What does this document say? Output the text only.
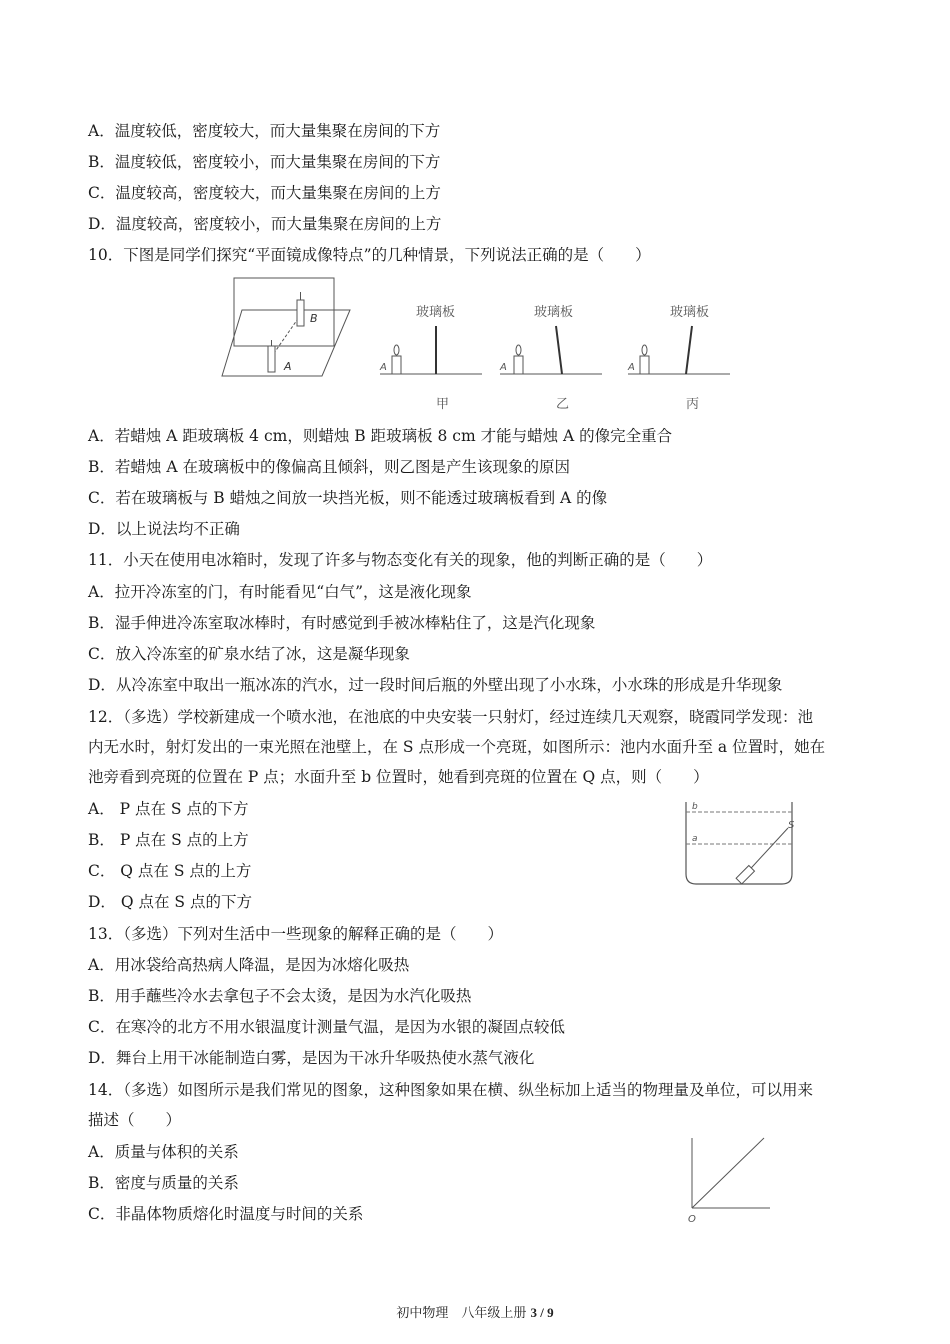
A．温度较低，密度较大，而大量集聚在房间的下方
B．温度较低，密度较小，而大量集聚在房间的下方
C．温度较高，密度较大，而大量集聚在房间的上方
D．温度较高，密度较小，而大量集聚在房间的上方
10．下图是同学们探究“平面镜成像特点”的几种情景，下列说法正确的是（　　）
B
A
玻璃板
A
甲
玻璃板
A
乙
玻璃板
A
丙
A．若蜡烛 A 距玻璃板 4 cm，则蜡烛 B 距玻璃板 8 cm 才能与蜡烛 A 的像完全重合
B．若蜡烛 A 在玻璃板中的像偏高且倾斜，则乙图是产生该现象的原因
C．若在玻璃板与 B 蜡烛之间放一块挡光板，则不能透过玻璃板看到 A 的像
D．以上说法均不正确
11．小天在使用电冰箱时，发现了许多与物态变化有关的现象，他的判断正确的是（　　）
A．拉开冷冻室的门，有时能看见“白气”，这是液化现象
B．湿手伸进冷冻室取冰棒时，有时感觉到手被冰棒粘住了，这是汽化现象
C．放入冷冻室的矿泉水结了冰，这是凝华现象
D．从冷冻室中取出一瓶冰冻的汽水，过一段时间后瓶的外壁出现了小水珠，小水珠的形成是升华现象
12．（多选）学校新建成一个喷水池，在池底的中央安装一只射灯，经过连续几天观察，晓霞同学发现：池
内无水时，射灯发出的一束光照在池壁上，在 S 点形成一个亮斑，如图所示：池内水面升至 a 位置时，她在
池旁看到亮斑的位置在 P 点；水面升至 b 位置时，她看到亮斑的位置在 Q 点，则（　　）
A． P 点在 S 点的下方
B． P 点在 S 点的上方
C． Q 点在 S 点的上方
D． Q 点在 S 点的下方
b
a
S
13．（多选）下列对生活中一些现象的解释正确的是（　　）
A．用冰袋给高热病人降温，是因为冰熔化吸热
B．用手蘸些冷水去拿包子不会太烫，是因为水汽化吸热
C．在寒冷的北方不用水银温度计测量气温，是因为水银的凝固点较低
D．舞台上用干冰能制造白雾，是因为干冰升华吸热使水蒸气液化
14．（多选）如图所示是我们常见的图象，这种图象如果在横、纵坐标加上适当的物理量及单位，可以用来
描述（　　）
A．质量与体积的关系
B．密度与质量的关系
C．非晶体物质熔化时温度与时间的关系	O
初中物理　八年级上册 3 / 9
